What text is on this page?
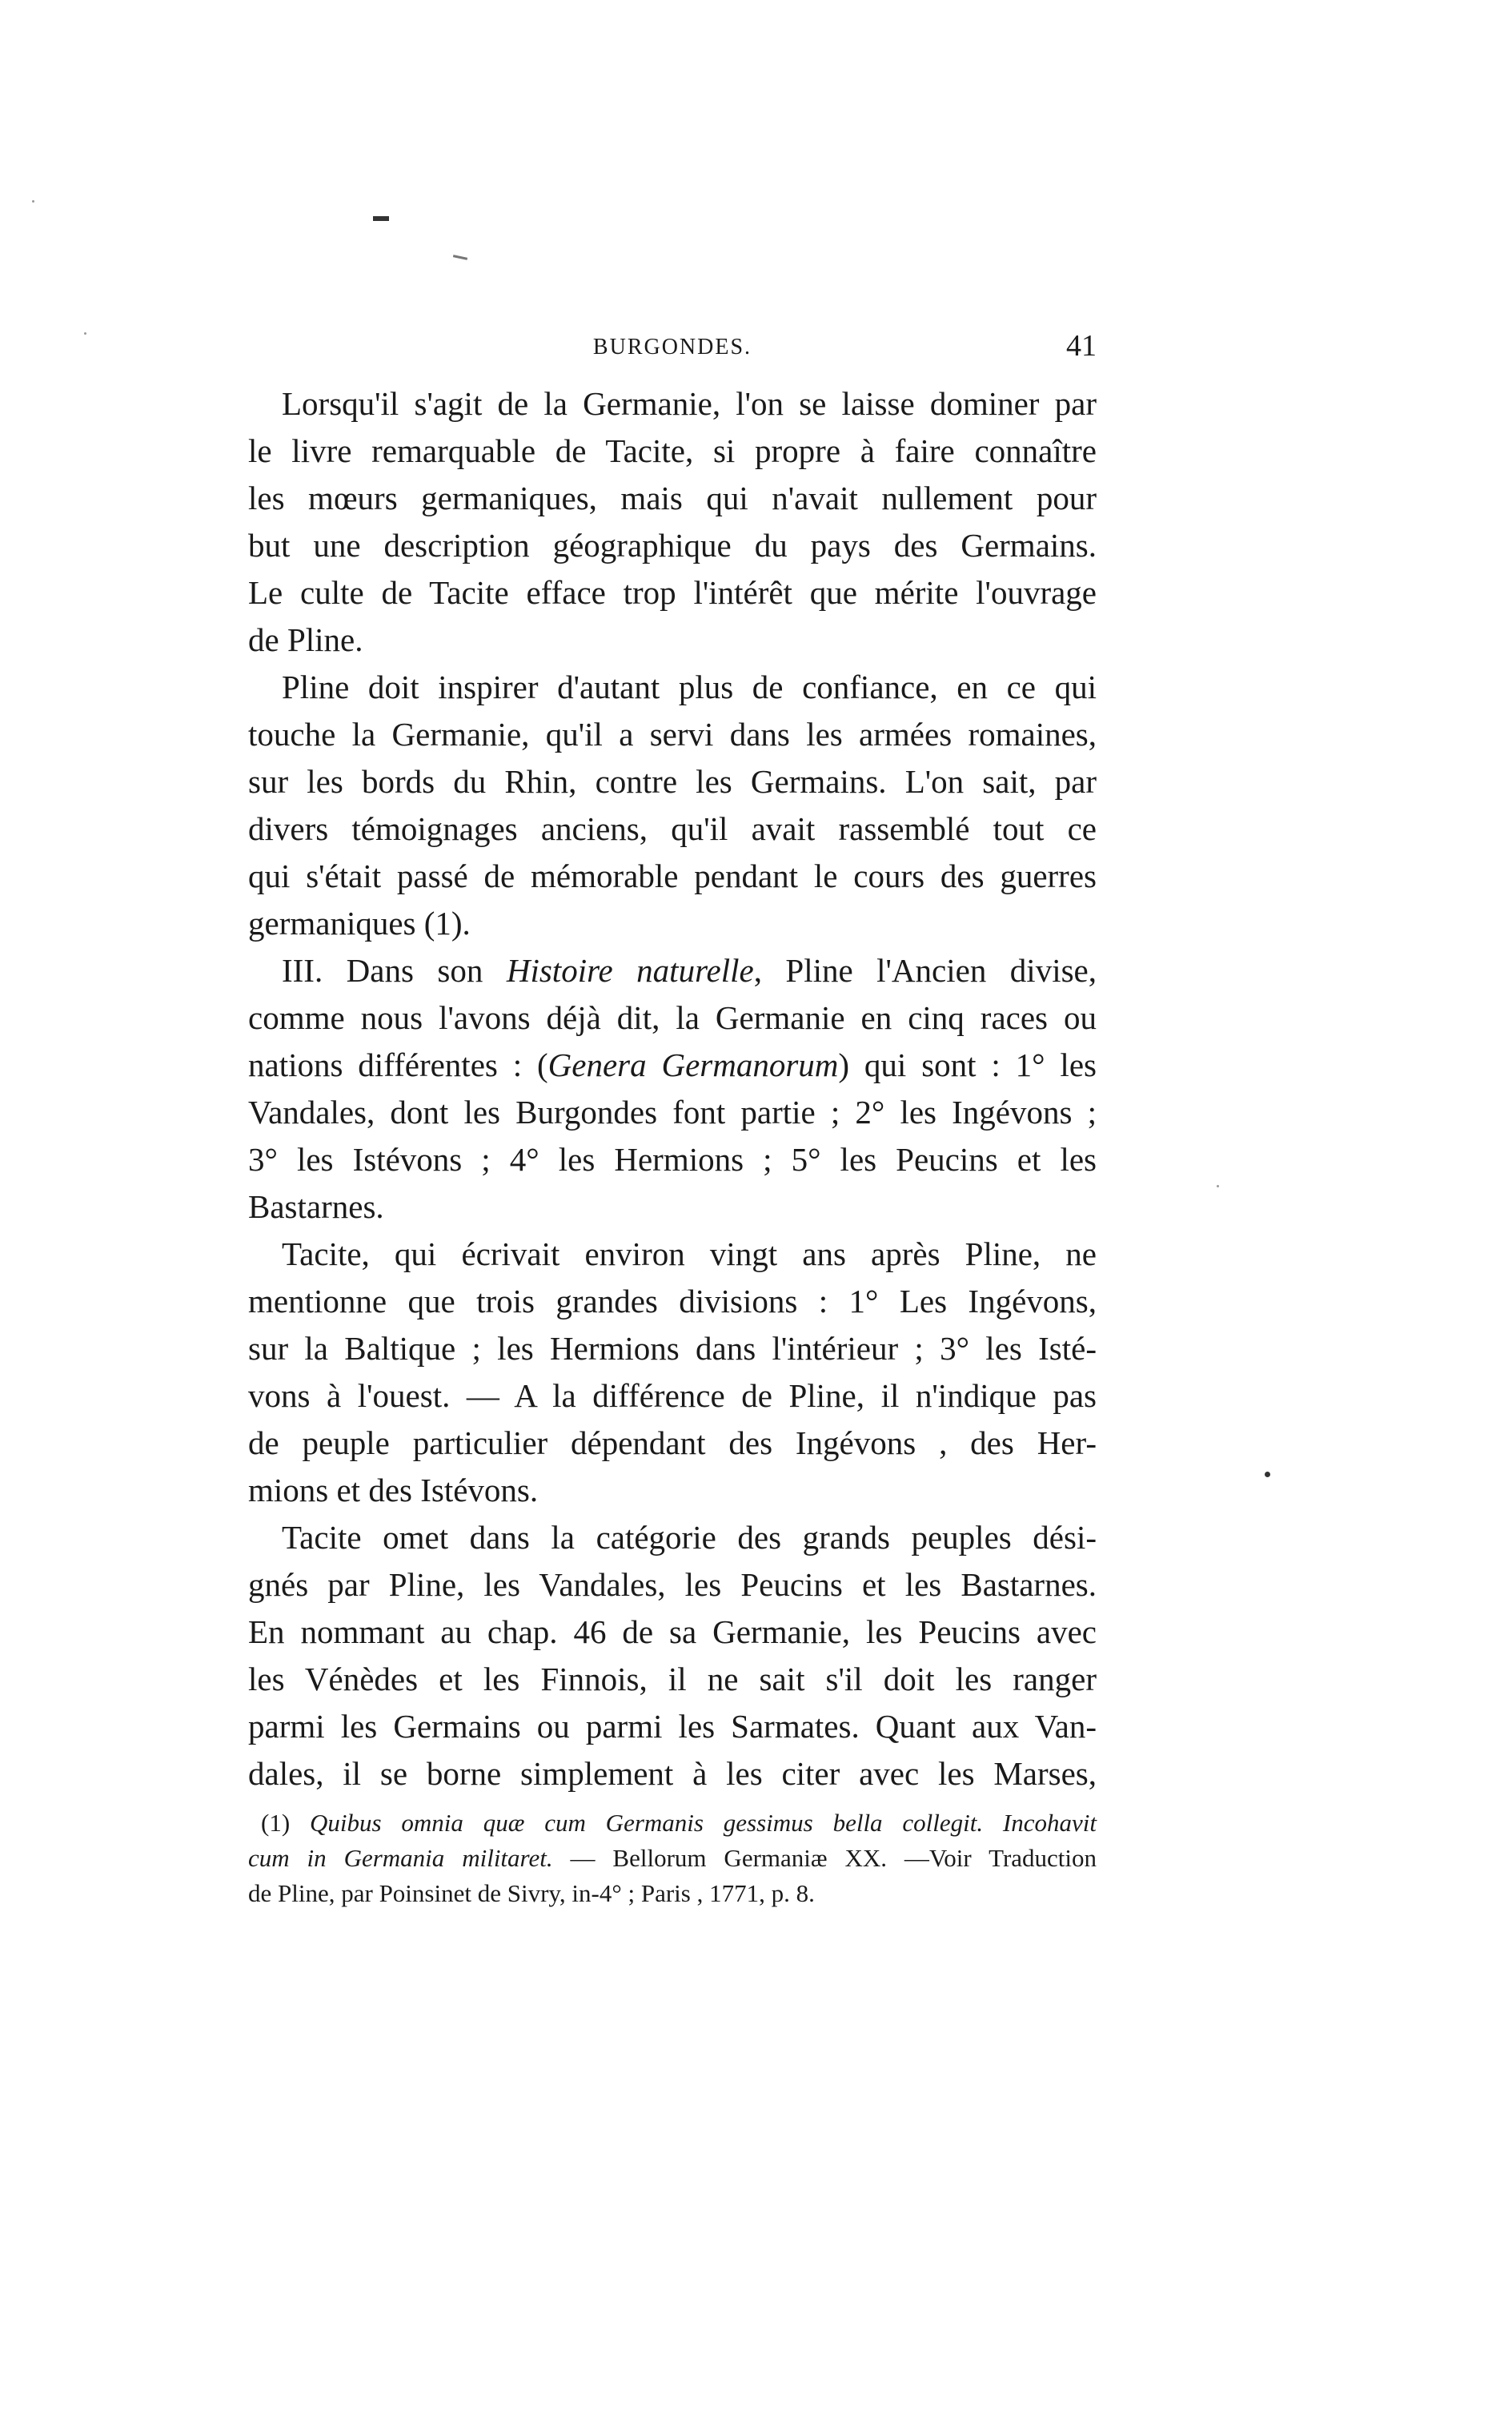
BURGONDES.	41
Lorsqu'il s'agit de la Germanie, l'on se laisse dominer par
le livre remarquable de Tacite, si propre à faire connaître
les mœurs germaniques, mais qui n'avait nullement pour
but une description géographique du pays des Germains.
Le culte de Tacite efface trop l'intérêt que mérite l'ouvrage
de Pline.
Pline doit inspirer d'autant plus de confiance, en ce qui
touche la Germanie, qu'il a servi dans les armées romaines,
sur les bords du Rhin, contre les Germains. L'on sait, par
divers témoignages anciens, qu'il avait rassemblé tout ce
qui s'était passé de mémorable pendant le cours des guerres
germaniques (1).
III. Dans son Histoire naturelle, Pline l'Ancien divise,
comme nous l'avons déjà dit, la Germanie en cinq races ou
nations différentes : (Genera Germanorum) qui sont : 1° les
Vandales, dont les Burgondes font partie ; 2° les Ingévons ;
3° les Istévons ; 4° les Hermions ; 5° les Peucins et les
Bastarnes.
Tacite, qui écrivait environ vingt ans après Pline, ne
mentionne que trois grandes divisions : 1° Les Ingévons,
sur la Baltique ; les Hermions dans l'intérieur ; 3° les Isté-
vons à l'ouest. — A la différence de Pline, il n'indique pas
de peuple particulier dépendant des Ingévons , des Her-
mions et des Istévons.
Tacite omet dans la catégorie des grands peuples dési-
gnés par Pline, les Vandales, les Peucins et les Bastarnes.
En nommant au chap. 46 de sa Germanie, les Peucins avec
les Vénèdes et les Finnois, il ne sait s'il doit les ranger
parmi les Germains ou parmi les Sarmates. Quant aux Van-
dales, il se borne simplement à les citer avec les Marses,
(1) Quibus omnia quæ cum Germanis gessimus bella collegit. Incohavit
cum in Germania militaret. — Bellorum Germaniæ XX. —Voir Traduction
de Pline, par Poinsinet de Sivry, in-4° ; Paris , 1771, p. 8.
